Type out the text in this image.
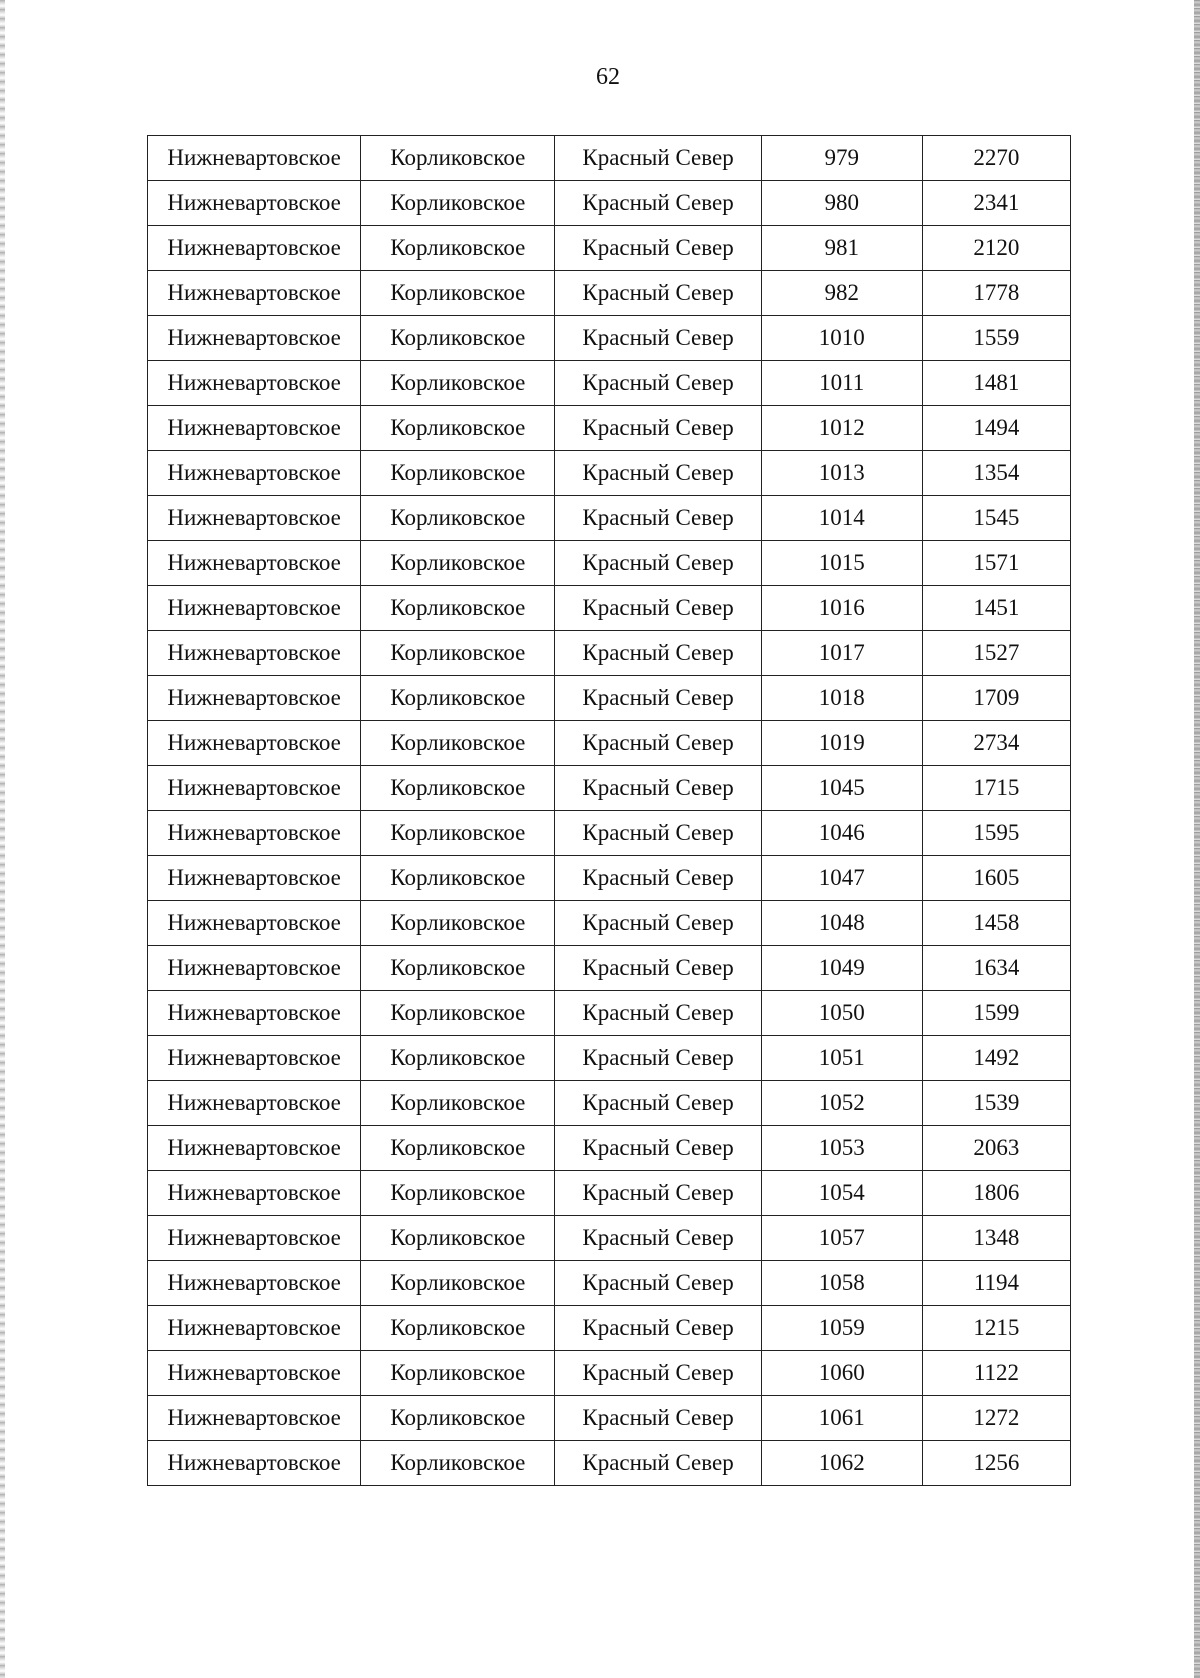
62
Нижневартовское	Корликовское	Красный Север	979	2270
Нижневартовское	Корликовское	Красный Север	980	2341
Нижневартовское	Корликовское	Красный Север	981	2120
Нижневартовское	Корликовское	Красный Север	982	1778
Нижневартовское	Корликовское	Красный Север	1010	1559
Нижневартовское	Корликовское	Красный Север	1011	1481
Нижневартовское	Корликовское	Красный Север	1012	1494
Нижневартовское	Корликовское	Красный Север	1013	1354
Нижневартовское	Корликовское	Красный Север	1014	1545
Нижневартовское	Корликовское	Красный Север	1015	1571
Нижневартовское	Корликовское	Красный Север	1016	1451
Нижневартовское	Корликовское	Красный Север	1017	1527
Нижневартовское	Корликовское	Красный Север	1018	1709
Нижневартовское	Корликовское	Красный Север	1019	2734
Нижневартовское	Корликовское	Красный Север	1045	1715
Нижневартовское	Корликовское	Красный Север	1046	1595
Нижневартовское	Корликовское	Красный Север	1047	1605
Нижневартовское	Корликовское	Красный Север	1048	1458
Нижневартовское	Корликовское	Красный Север	1049	1634
Нижневартовское	Корликовское	Красный Север	1050	1599
Нижневартовское	Корликовское	Красный Север	1051	1492
Нижневартовское	Корликовское	Красный Север	1052	1539
Нижневартовское	Корликовское	Красный Север	1053	2063
Нижневартовское	Корликовское	Красный Север	1054	1806
Нижневартовское	Корликовское	Красный Север	1057	1348
Нижневартовское	Корликовское	Красный Север	1058	1194
Нижневартовское	Корликовское	Красный Север	1059	1215
Нижневартовское	Корликовское	Красный Север	1060	1122
Нижневартовское	Корликовское	Красный Север	1061	1272
Нижневартовское	Корликовское	Красный Север	1062	1256
